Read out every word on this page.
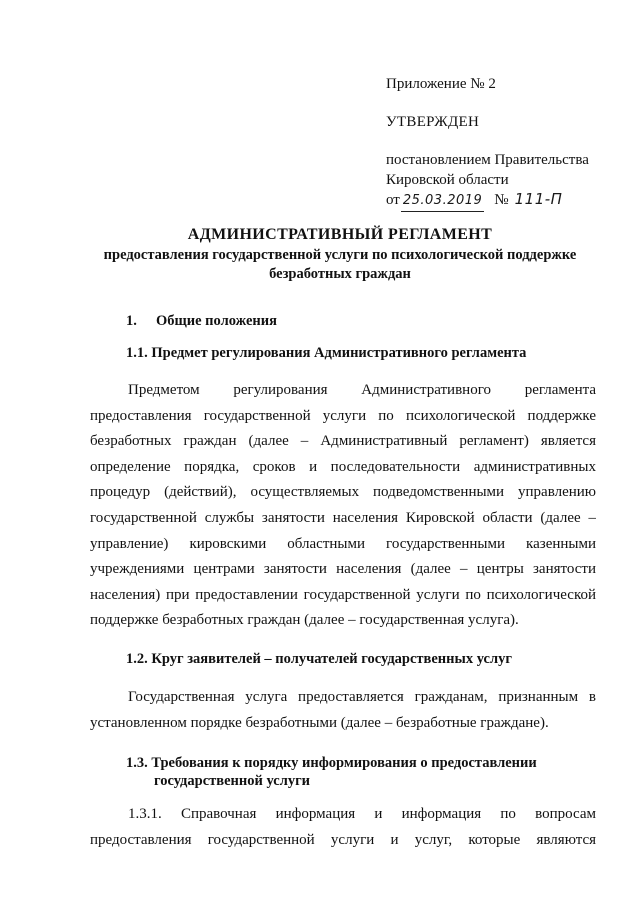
Приложение № 2
УТВЕРЖДЕН
постановлением Правительства
Кировской области
от 25.03.2019 № 111-П
АДМИНИСТРАТИВНЫЙ РЕГЛАМЕНТ
предоставления государственной услуги по психологической поддержке
безработных граждан
1. Общие положения
1.1. Предмет регулирования Административного регламента
Предметом регулирования Административного регламента
предоставления государственной услуги по психологической поддержке
безработных граждан (далее – Административный регламент) является
определение порядка, сроков и последовательности административных
процедур (действий), осуществляемых подведомственными управлению
государственной службы занятости населения Кировской области (далее –
управление) кировскими областными государственными казенными
учреждениями центрами занятости населения (далее – центры занятости
населения) при предоставлении государственной услуги по психологической
поддержке безработных граждан (далее – государственная услуга).
1.2. Круг заявителей – получателей государственных услуг
Государственная услуга предоставляется гражданам, признанным в
установленном порядке безработными (далее – безработные граждане).
1.3. Требования к порядку информирования о предоставлении
государственной услуги
1.3.1. Справочная информация и информация по вопросам
предоставления государственной услуги и услуг, которые являются
